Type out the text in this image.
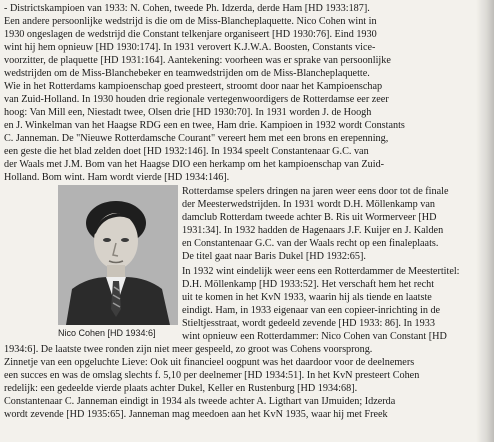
- Districtskampioen van 1933: N. Cohen, tweede Ph. Idzerda, derde Ham [HD 1933:187].
Een andere persoonlijke wedstrijd is die om de Miss-Blancheplaquette. Nico Cohen wint in
1930 ongeslagen de wedstrijd die Constant telkenjare organiseert [HD 1930:76]. Eind 1930
wint hij hem opnieuw [HD 1930:174]. In 1931 verovert K.J.W.A. Boosten, Constants vice-
voorzitter, de plaquette [HD 1931:164]. Aantekening: voorheen was er sprake van persoonlijke
wedstrijden om de Miss-Blanchebeker en teamwedstrijden om de Miss-Blancheplaquette.
Wie in het Rotterdams kampioenschap goed presteert, stroomt door naar het Kampioenschap
van Zuid-Holland. In 1930 houden drie regionale vertegenwoordigers de Rotterdamse eer zeer
hoog: Van Mill een, Niestadt twee, Olsen drie [HD 1930:70]. In 1931 worden J. de Hoogh
en J. Winkelman van het Haagse RDG een en twee, Ham drie. Kampioen in 1932 wordt Constants
C. Janneman. De "Nieuwe Rotterdamsche Courant" vereert hem met een brons en erepenning,
een geste die het blad zelden doet [HD 1932:146]. In 1934 speelt Constantenaar G.C. van
der Waals met J.M. Bom van het Haagse DIO een herkamp om het kampioenschap van Zuid-
Holland. Bom wint. Ham wordt vierde [HD 1934:146].
Nico Cohen [HD 1934:6]
Rotterdamse spelers dringen na jaren weer eens door tot de finale
der Meesterwedstrijden. In 1931 wordt D.H. Möllenkamp van
damclub Rotterdam tweede achter B. Ris uit Wormerveer [HD
1931:34]. In 1932 hadden de Hagenaars J.F. Kuijer en J. Kalden
en Constantenaar G.C. van der Waals recht op een finaleplaats.
De titel gaat naar Baris Dukel [HD 1932:65].
In 1932 wint eindelijk weer eens een Rotterdammer de Meestertitel:
D.H. Möllenkamp [HD 1933:52]. Het verschaft hem het recht
uit te komen in het KvN 1933, waarin hij als tiende en laatste
eindigt. Ham, in 1933 eigenaar van een copieer-inrichting in de
Stieltjesstraat, wordt gedeeld zevende [HD 1933: 86]. In 1933
wint opnieuw een Rotterdammer: Nico Cohen van Constant [HD
1934:6]. De laatste twee ronden zijn niet meer gespeeld, zo groot was Cohens voorsprong.
Zinnetje van een opgeluchte Lieve: Ook uit financieel oogpunt was het daardoor voor de deelnemers
een succes en was de omslag slechts f. 5,10 per deelnemer [HD 1934:51]. In het KvN presteert Cohen
redelijk: een gedeelde vierde plaats achter Dukel, Keller en Rustenburg [HD 1934:68].
Constantenaar C. Janneman eindigt in 1934 als tweede achter A. Ligthart van IJmuiden; Idzerda
wordt zevende [HD 1935:65]. Janneman mag meedoen aan het KvN 1935, waar hij met Freek
